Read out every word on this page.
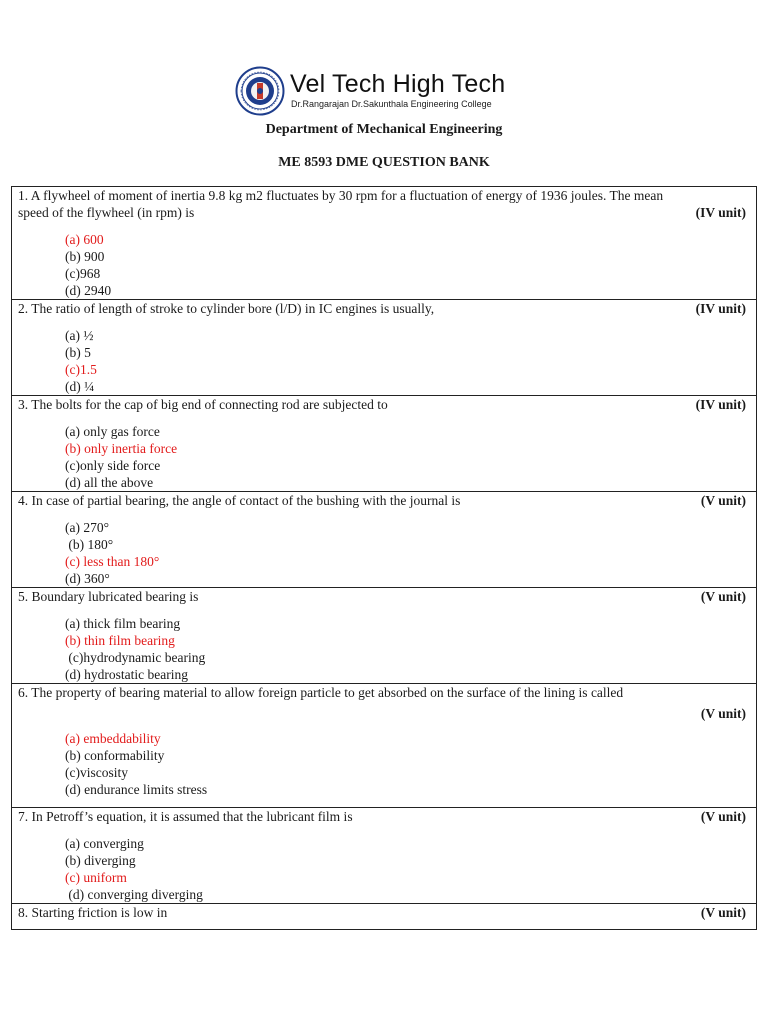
Vel Tech High Tech
Dr.Rangarajan Dr.Sakunthala Engineering College
Department of Mechanical Engineering
ME 8593 DME QUESTION BANK
1. A flywheel of moment of inertia 9.8 kg m2 fluctuates by 30 rpm for a fluctuation of energy of 1936 joules. The mean speed of the flywheel (in rpm) is	(IV unit)
(a) 600
(b) 900
(c)968
(d) 2940

2. The ratio of length of stroke to cylinder bore (l/D) in IC engines is usually,	(IV unit)
(a) ½
(b) 5
(c)1.5
(d) ¼

3. The bolts for the cap of big end of connecting rod are subjected to	(IV unit)
(a) only gas force
(b) only inertia force
(c)only side force
(d) all the above

4. In case of partial bearing, the angle of contact of the bushing with the journal is	(V unit)
(a) 270°
(b) 180°
(c) less than 180°
(d) 360°

5. Boundary lubricated bearing is	(V unit)
(a) thick film bearing
(b) thin film bearing
(c)hydrodynamic bearing
(d) hydrostatic bearing

6. The property of bearing material to allow foreign particle to get absorbed on the surface of the lining is called
(V unit)
(a) embeddability
(b) conformability
(c)viscosity
(d) endurance limits stress

7. In Petroff’s equation, it is assumed that the lubricant film is	(V unit)
(a) converging
(b) diverging
(c) uniform
(d) converging diverging

8. Starting friction is low in	(V unit)
